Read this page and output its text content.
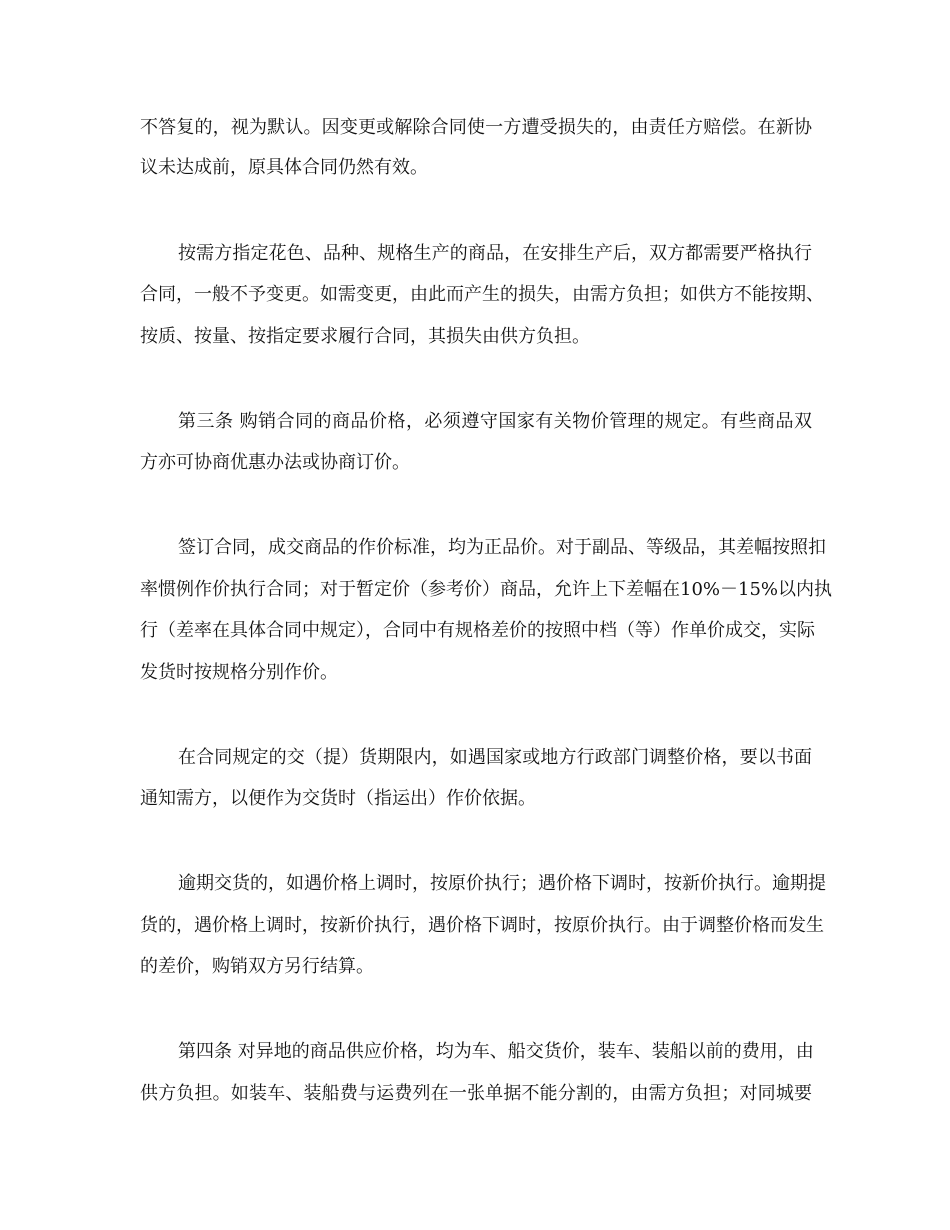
不答复的，视为默认。因变更或解除合同使一方遭受损失的，由责任方赔偿。在新协
议未达成前，原具体合同仍然有效。
按需方指定花色、品种、规格生产的商品，在安排生产后，双方都需要严格执行
合同，一般不予变更。如需变更，由此而产生的损失，由需方负担；如供方不能按期、
按质、按量、按指定要求履行合同，其损失由供方负担。
第三条 购销合同的商品价格，必须遵守国家有关物价管理的规定。有些商品双
方亦可协商优惠办法或协商订价。
签订合同，成交商品的作价标准，均为正品价。对于副品、等级品，其差幅按照扣
率惯例作价执行合同；对于暂定价（参考价）商品，允许上下差幅在10%－15%以内执
行（差率在具体合同中规定），合同中有规格差价的按照中档（等）作单价成交，实际
发货时按规格分别作价。
在合同规定的交（提）货期限内，如遇国家或地方行政部门调整价格，要以书面
通知需方，以便作为交货时（指运出）作价依据。
逾期交货的，如遇价格上调时，按原价执行；遇价格下调时，按新价执行。逾期提
货的，遇价格上调时，按新价执行，遇价格下调时，按原价执行。由于调整价格而发生
的差价，购销双方另行结算。
第四条 对异地的商品供应价格，均为车、船交货价，装车、装船以前的费用，由
供方负担。如装车、装船费与运费列在一张单据不能分割的，由需方负担；对同城要
